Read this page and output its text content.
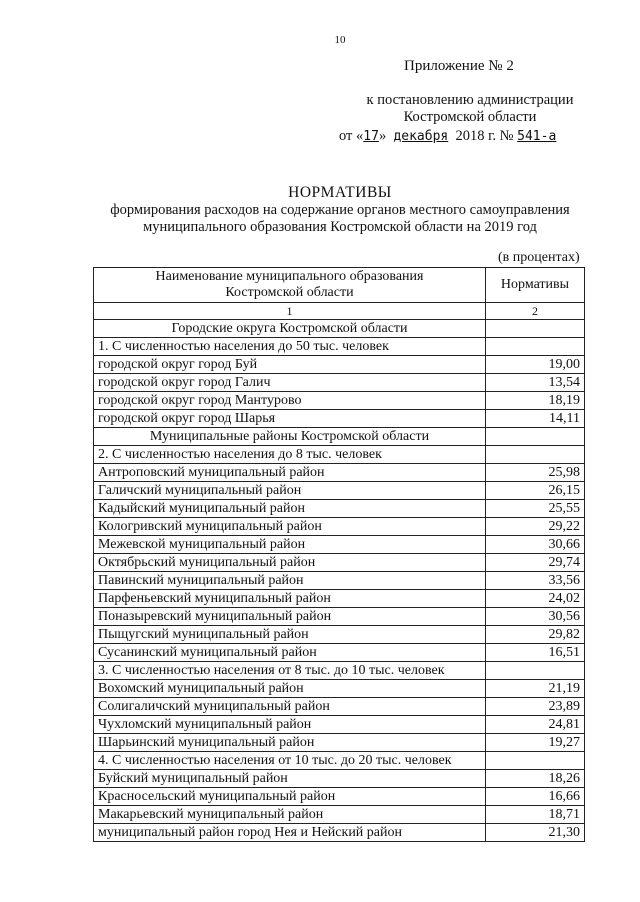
10
Приложение № 2
к постановлению администрации
Костромской области
от «17» декабря 2018 г. № 541-а
НОРМАТИВЫ
формирования расходов на содержание органов местного самоуправления
муниципального образования Костромской области на 2019 год
(в процентах)
Наименование муниципального образования
Костромской области	Нормативы
1	2
Городские округа Костромской области	
1. С численностью населения до 50 тыс. человек	
городской округ город Буй	19,00
городской округ город Галич	13,54
городской округ город Мантурово	18,19
городской округ город Шарья	14,11
Муниципальные районы Костромской области	
2. С численностью населения до 8 тыс. человек	
Антроповский муниципальный район	25,98
Галичский муниципальный район	26,15
Кадыйский муниципальный район	25,55
Кологривский муниципальный район	29,22
Межевской муниципальный район	30,66
Октябрьский муниципальный район	29,74
Павинский муниципальный район	33,56
Парфеньевский муниципальный район	24,02
Поназыревский муниципальный район	30,56
Пыщугский муниципальный район	29,82
Сусанинский муниципальный район	16,51
3. С численностью населения от 8 тыс. до 10 тыс. человек	
Вохомский муниципальный район	21,19
Солигаличский муниципальный район	23,89
Чухломский муниципальный район	24,81
Шарьинский муниципальный район	19,27
4. С численностью населения от 10 тыс. до 20 тыс. человек	
Буйский муниципальный район	18,26
Красносельский муниципальный район	16,66
Макарьевский муниципальный район	18,71
муниципальный район город Нея и Нейский район	21,30
